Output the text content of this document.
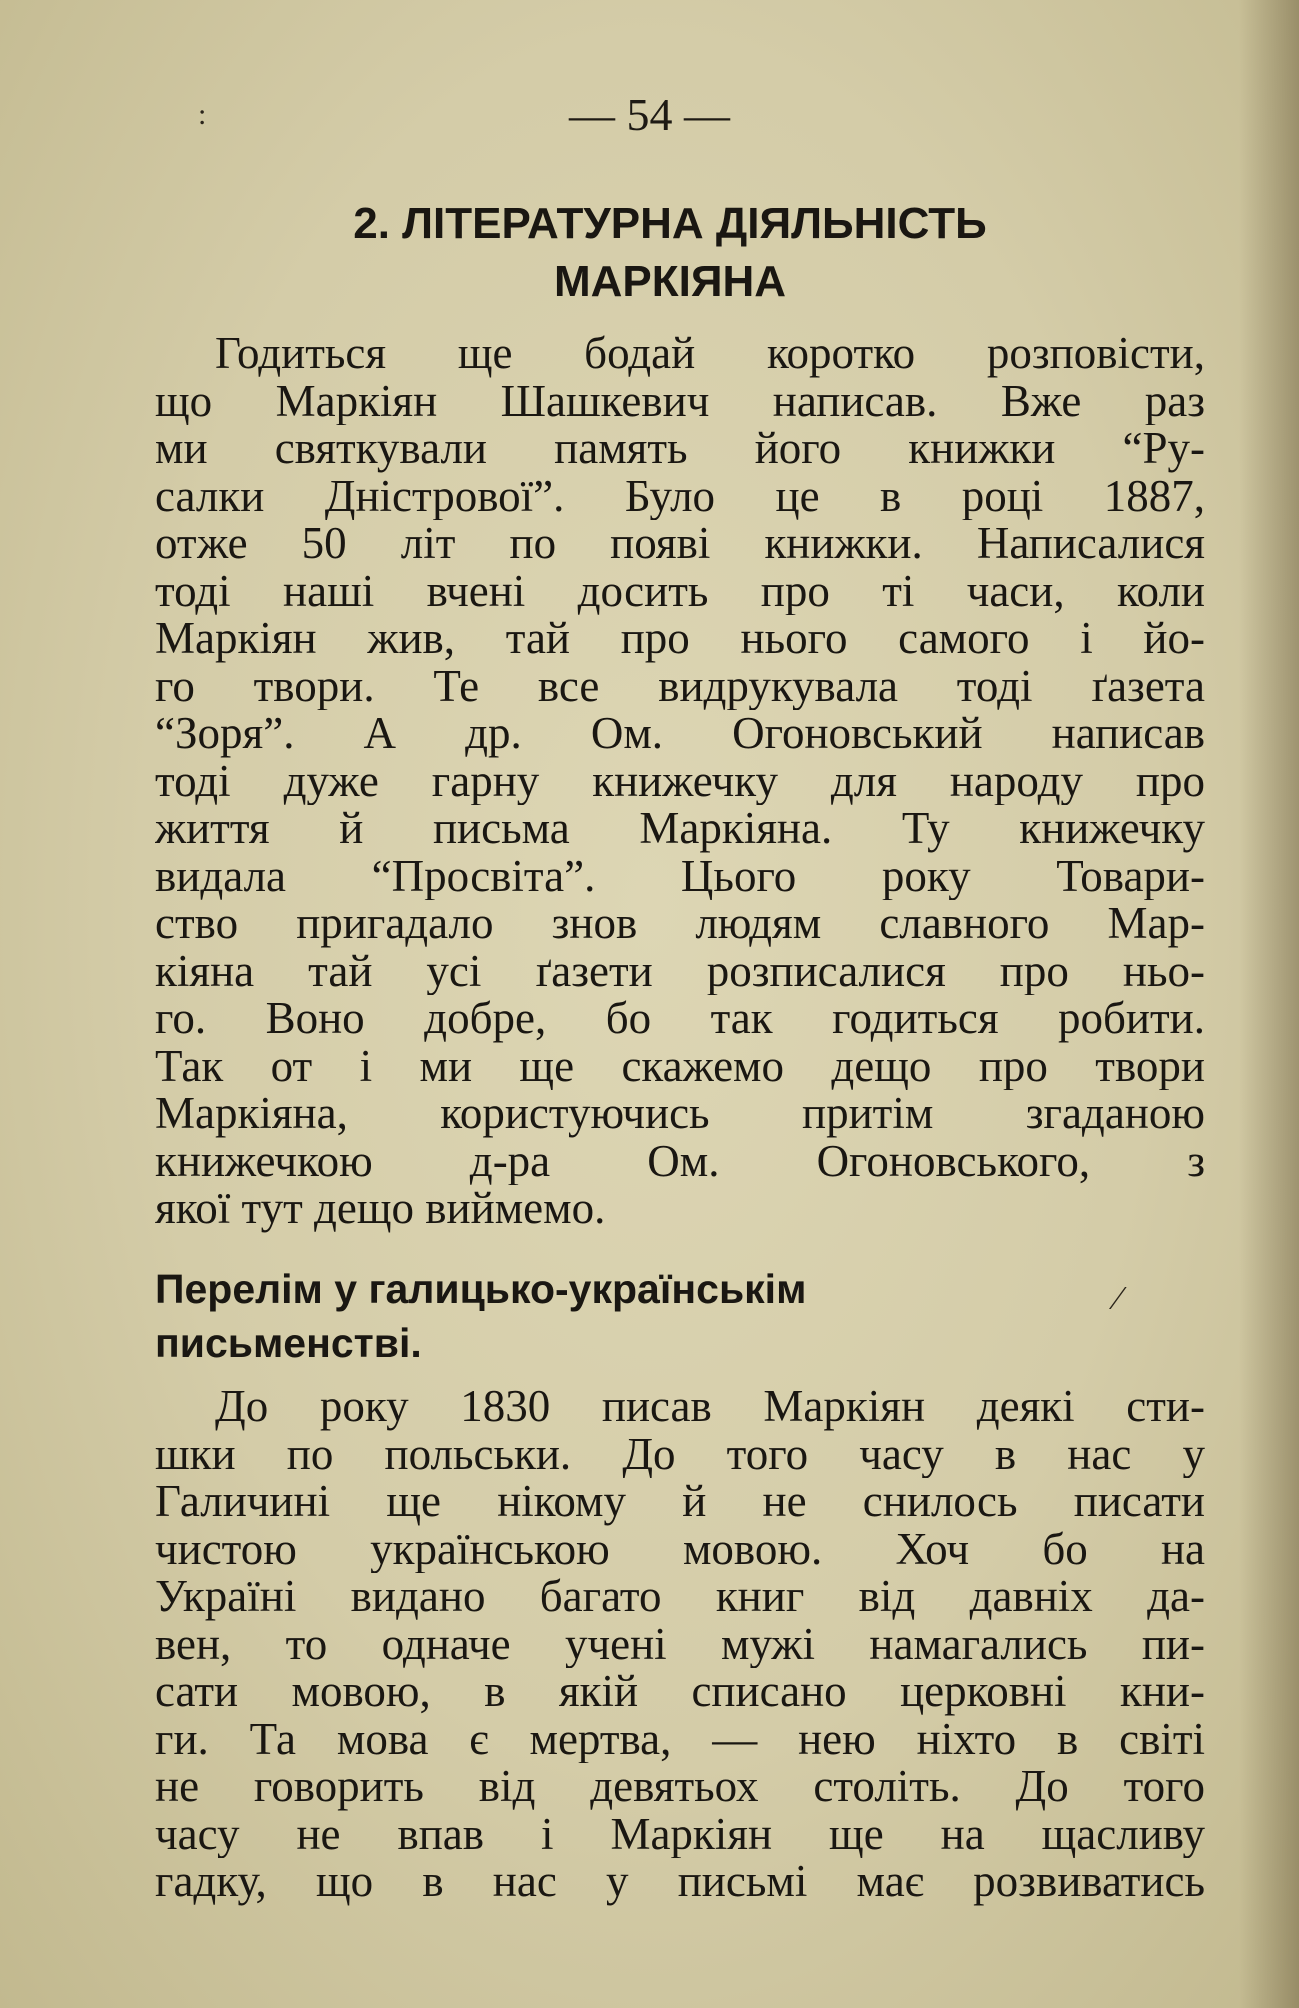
:
⁄
— 54 —
2. ЛІТЕРАТУРНА ДІЯЛЬНІСТЬ
МАРКІЯНА
Годиться ще бодай коротко розповісти,
що Маркіян Шашкевич написав. Вже раз
ми святкували память його книжки “Ру-
салки Дністрової”. Було це в році 1887,
отже 50 літ по появі книжки. Написалися
тоді наші вчені досить про ті часи, коли
Маркіян жив, тай про нього самого і йо-
го твори. Те все видрукувала тоді ґазета
“Зоря”. А др. Ом. Огоновський написав
тоді дуже гарну книжечку для народу про
життя й письма Маркіяна. Ту книжечку
видала “Просвіта”. Цього року Товари-
ство пригадало знов людям славного Мар-
кіяна тай усі ґазети розписалися про ньо-
го. Воно добре, бо так годиться робити.
Так от і ми ще скажемо дещо про твори
Маркіяна, користуючись притім згаданою
книжечкою д-ра Ом. Огоновського, з
якої тут дещо виймемо.
Перелім у галицько-українськім
письменстві.
До року 1830 писав Маркіян деякі сти-
шки по польськи. До того часу в нас у
Галичині ще нікому й не снилось писати
чистою українською мовою. Хоч бо на
Україні видано багато книг від давніх да-
вен, то одначе учені мужі намагались пи-
сати мовою, в якій списано церковні кни-
ги. Та мова є мертва, — нею ніхто в світі
не говорить від девятьох століть. До того
часу не впав і Маркіян ще на щасливу
гадку, що в нас у письмі має розвиватись
